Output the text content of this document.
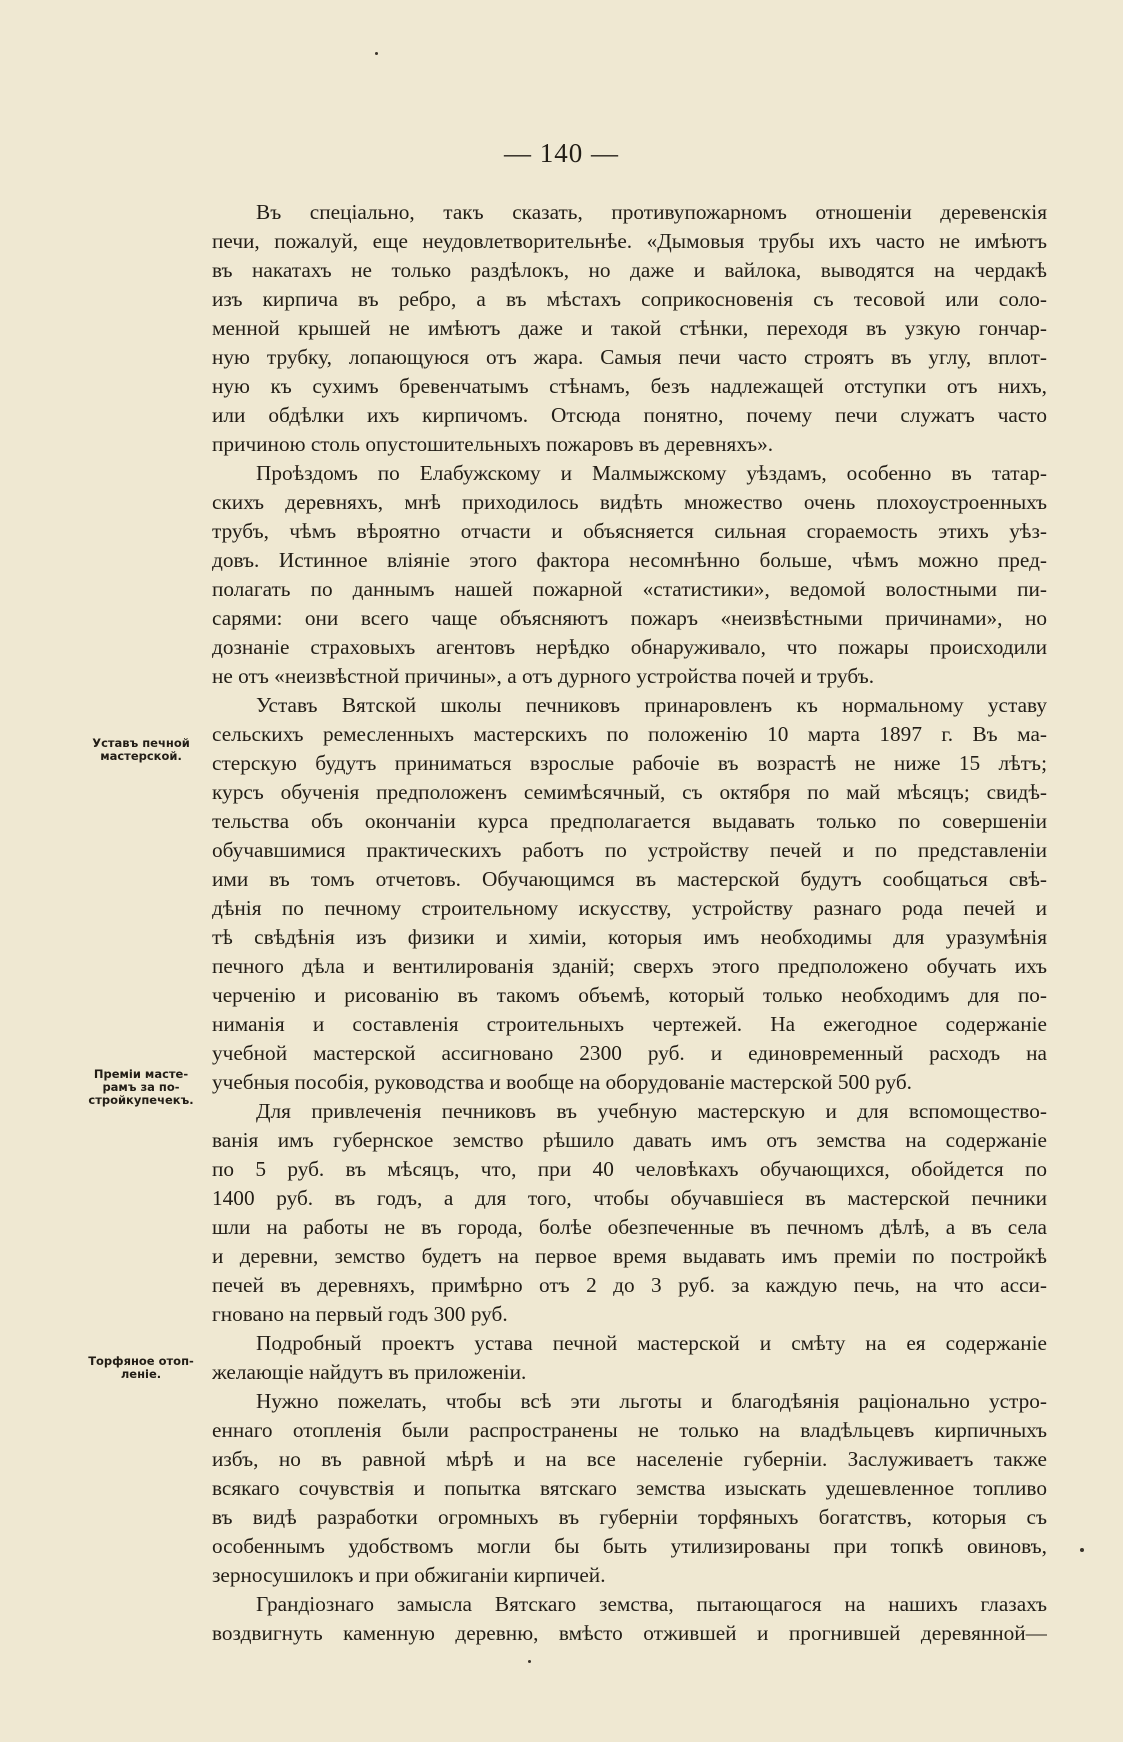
— 140 —
Въ спеціально, такъ сказать, противупожарномъ отношеніи деревенскія
печи, пожалуй, еще неудовлетворительнѣе. «Дымовыя трубы ихъ часто не имѣютъ
въ накатахъ не только раздѣлокъ, но даже и вайлока, выводятся на чердакѣ
изъ кирпича въ ребро, а въ мѣстахъ соприкосновенія съ тесовой или соло-
менной крышей не имѣютъ даже и такой стѣнки, переходя въ узкую гончар-
ную трубку, лопающуюся отъ жара. Самыя печи часто строятъ въ углу, вплот-
ную къ сухимъ бревенчатымъ стѣнамъ, безъ надлежащей отступки отъ нихъ,
или обдѣлки ихъ кирпичомъ. Отсюда понятно, почему печи служатъ часто
причиною столь опустошительныхъ пожаровъ въ деревняхъ».
Проѣздомъ по Елабужскому и Малмыжскому уѣздамъ, особенно въ татар-
скихъ деревняхъ, мнѣ приходилось видѣть множество очень плохоустроенныхъ
трубъ, чѣмъ вѣроятно отчасти и объясняется сильная сгораемость этихъ уѣз-
довъ. Истинное вліяніе этого фактора несомнѣнно больше, чѣмъ можно пред-
полагать по даннымъ нашей пожарной «статистики», ведомой волостными пи-
сарями: они всего чаще объясняютъ пожаръ «неизвѣстными причинами», но
дознаніе страховыхъ агентовъ нерѣдко обнаруживало, что пожары происходили
не отъ «неизвѣстной причины», а отъ дурного устройства почей и трубъ.
Уставъ Вятской школы печниковъ принаровленъ къ нормальному уставу
сельскихъ ремесленныхъ мастерскихъ по положенію 10 марта 1897 г. Въ ма-
стерскую будутъ приниматься взрослые рабочіе въ возрастѣ не ниже 15 лѣтъ;
курсъ обученія предположенъ семимѣсячный, съ октября по май мѣсяцъ; свидѣ-
тельства объ окончаніи курса предполагается выдавать только по совершеніи
обучавшимися практическихъ работъ по устройству печей и по представленіи
ими въ томъ отчетовъ. Обучающимся въ мастерской будутъ сообщаться свѣ-
дѣнія по печному строительному искусству, устройству разнаго рода печей и
тѣ свѣдѣнія изъ физики и химіи, которыя имъ необходимы для уразумѣнія
печного дѣла и вентилированія зданій; сверхъ этого предположено обучать ихъ
черченію и рисованію въ такомъ объемѣ, который только необходимъ для по-
ниманія и составленія строительныхъ чертежей. На ежегодное содержаніе
учебной мастерской ассигновано 2300 руб. и единовременный расходъ на
учебныя пособія, руководства и вообще на оборудованіе мастерской 500 руб.
Для привлеченія печниковъ въ учебную мастерскую и для вспомоществo-
ванія имъ губернское земство рѣшило давать имъ отъ земства на содержаніе
по 5 руб. въ мѣсяцъ, что, при 40 человѣкахъ обучающихся, обойдется по
1400 руб. въ годъ, а для того, чтобы обучавшіеся въ мастерской печники
шли на работы не въ города, болѣе обезпеченные въ печномъ дѣлѣ, а въ села
и деревни, земство будетъ на первое время выдавать имъ преміи по постройкѣ
печей въ деревняхъ, примѣрно отъ 2 до 3 руб. за каждую печь, на что асси-
гновано на первый годъ 300 руб.
Подробный проектъ устава печной мастерской и смѣту на ея содержаніе
желающіе найдутъ въ приложеніи.
Нужно пожелать, чтобы всѣ эти льготы и благодѣянія раціонально устро-
еннаго отопленія были распространены не только на владѣльцевъ кирпичныхъ
избъ, но въ равной мѣрѣ и на все населеніе губерніи. Заслуживаетъ также
всякаго сочувствія и попытка вятскаго земства изыскать удешевленное топливо
въ видѣ разработки огромныхъ въ губерніи торфяныхъ богатствъ, которыя съ
особеннымъ удобствомъ могли бы быть утилизированы при топкѣ овиновъ,
зерносушилокъ и при обжиганіи кирпичей.
Грандіознаго замысла Вятскаго земства, пытающагося на нашихъ глазахъ
воздвигнуть каменную деревню, вмѣсто отжившей и прогнившей деревянной—
Уставъ печной
мастерской.
Преміи масте-
рамъ за по-
стройкупечекъ.
Торфяное отоп-
леніе.
